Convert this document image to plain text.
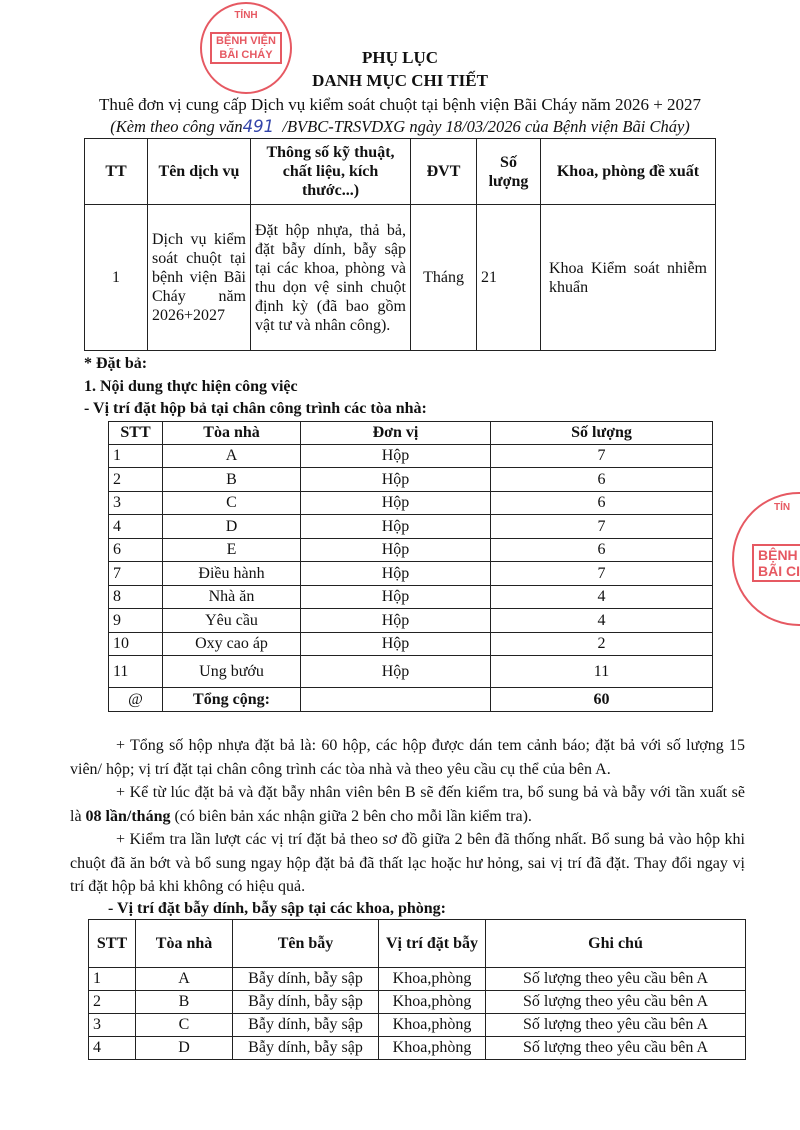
TỈNH
BỆNH VIỆN
BÃI CHÁY	PHỤ LỤC
DANH MỤC CHI TIẾT
Thuê đơn vị cung cấp Dịch vụ kiểm soát chuột tại bệnh viện Bãi Cháy năm 2026 + 2027
(Kèm theo công văn491 /BVBC-TRSVDXG ngày 18/03/2026 của Bệnh viện Bãi Cháy)
TỈN
BỆNH
BÃI CI
TT	Tên dịch vụ	Thông số kỹ thuật, chất liệu, kích thước...)	ĐVT	Số lượng	Khoa, phòng đề xuất
1	Dịch vụ kiểm soát chuột tại bệnh viện Bãi Cháy năm 2026+2027	Đặt hộp nhựa, thả bả, đặt bẫy dính, bẫy sập tại các khoa, phòng và thu dọn vệ sinh chuột định kỳ (đã bao gồm vật tư và nhân công).	Tháng	21	Khoa Kiểm soát nhiễm khuẩn
* Đặt bả:
1. Nội dung thực hiện công việc
- Vị trí đặt hộp bả tại chân công trình các tòa nhà:
STT	Tòa nhà	Đơn vị	Số lượng
1	A	Hộp	7
2	B	Hộp	6
3	C	Hộp	6
4	D	Hộp	7
6	E	Hộp	6
7	Điều hành	Hộp	7
8	Nhà ăn	Hộp	4
9	Yêu cầu	Hộp	4
10	Oxy cao áp	Hộp	2
11	Ung bướu	Hộp	11
@	Tổng cộng:		60
+ Tổng số hộp nhựa đặt bả là: 60 hộp, các hộp được dán tem cảnh báo; đặt bả với số lượng 15 viên/ hộp; vị trí đặt tại chân công trình các tòa nhà và theo yêu cầu cụ thể của bên A.
+ Kể từ lúc đặt bả và đặt bẫy nhân viên bên B sẽ đến kiểm tra, bổ sung bả và bẫy với tần xuất sẽ là 08 lần/tháng (có biên bản xác nhận giữa 2 bên cho mỗi lần kiểm tra).
+ Kiểm tra lần lượt các vị trí đặt bả theo sơ đồ giữa 2 bên đã thống nhất. Bổ sung bả vào hộp khi chuột đã ăn bớt và bổ sung ngay hộp đặt bả đã thất lạc hoặc hư hỏng, sai vị trí đã đặt. Thay đổi ngay vị trí đặt hộp bả khi không có hiệu quả.
- Vị trí đặt bẫy dính, bẫy sập tại các khoa, phòng:
STT	Tòa nhà	Tên bẫy	Vị trí đặt bẫy	Ghi chú
1	A	Bẫy dính, bẫy sập	Khoa,phòng	Số lượng theo yêu cầu bên A
2	B	Bẫy dính, bẫy sập	Khoa,phòng	Số lượng theo yêu cầu bên A
3	C	Bẫy dính, bẫy sập	Khoa,phòng	Số lượng theo yêu cầu bên A
4	D	Bẫy dính, bẫy sập	Khoa,phòng	Số lượng theo yêu cầu bên A
